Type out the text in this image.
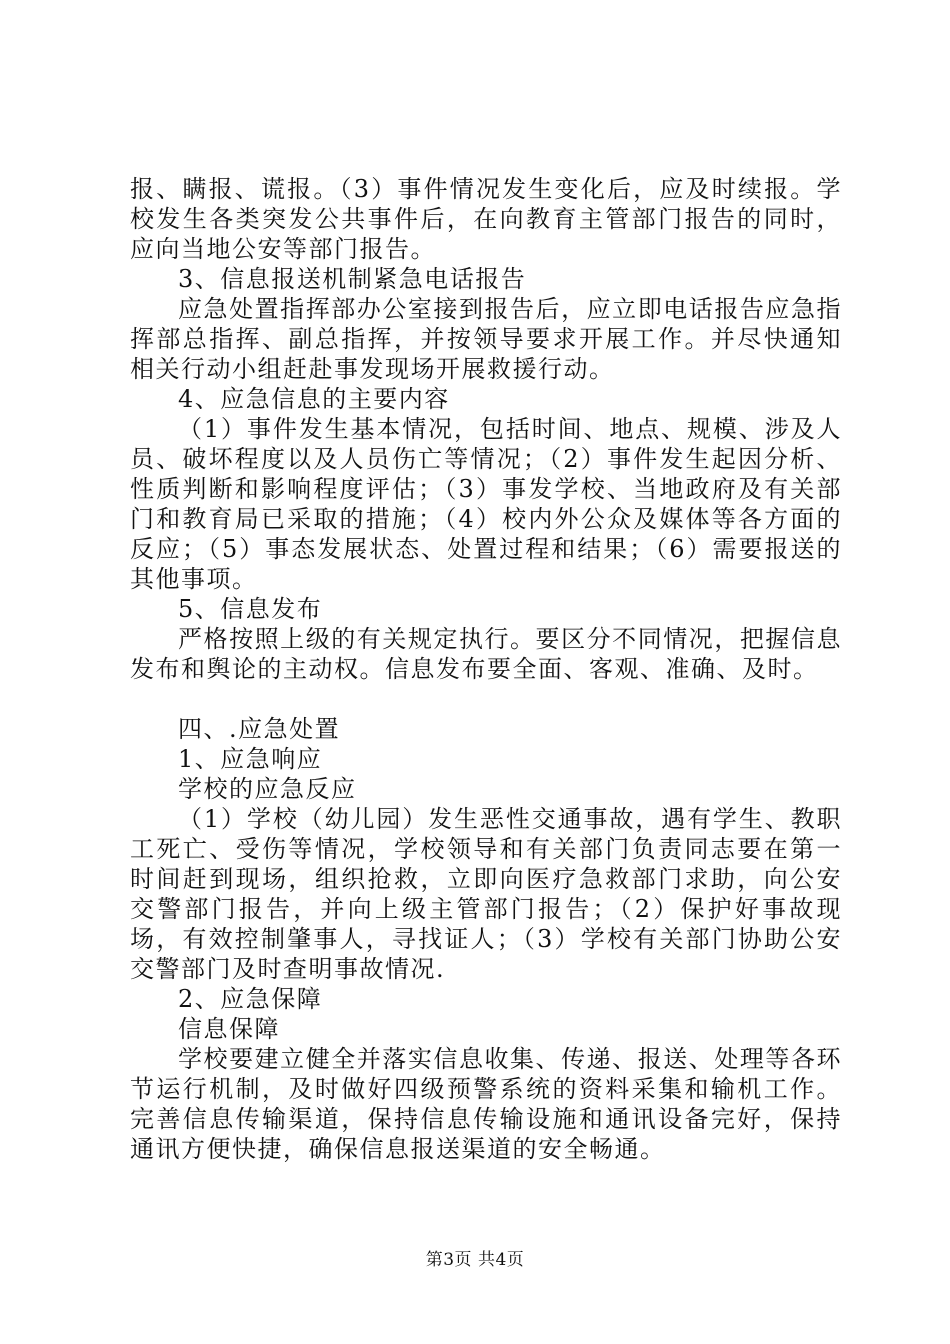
报、瞒报、谎报。（3）事件情况发生变化后，应及时续报。学校发生各类突发公共事件后，在向教育主管部门报告的同时，应向当地公安等部门报告。

3、信息报送机制紧急电话报告

应急处置指挥部办公室接到报告后，应立即电话报告应急指挥部总指挥、副总指挥，并按领导要求开展工作。并尽快通知相关行动小组赶赴事发现场开展救援行动。

4、应急信息的主要内容

（1）事件发生基本情况，包括时间、地点、规模、涉及人员、破坏程度以及人员伤亡等情况；（2）事件发生起因分析、性质判断和影响程度评估；（3）事发学校、当地政府及有关部门和教育局已采取的措施；（4）校内外公众及媒体等各方面的反应；（5）事态发展状态、处置过程和结果；（6）需要报送的其他事项。

5、信息发布

严格按照上级的有关规定执行。要区分不同情况，把握信息发布和舆论的主动权。信息发布要全面、客观、准确、及时。

四、.应急处置

1、应急响应

学校的应急反应

（1）学校（幼儿园）发生恶性交通事故，遇有学生、教职工死亡、受伤等情况，学校领导和有关部门负责同志要在第一时间赶到现场，组织抢救，立即向医疗急救部门求助，向公安交警部门报告，并向上级主管部门报告；（2）保护好事故现场，有效控制肇事人，寻找证人；（3）学校有关部门协助公安交警部门及时查明事故情况.

2、应急保障

信息保障

学校要建立健全并落实信息收集、传递、报送、处理等各环节运行机制，及时做好四级预警系统的资料采集和输机工作。完善信息传输渠道，保持信息传输设施和通讯设备完好，保持通讯方便快捷，确保信息报送渠道的安全畅通。

第3页 共4页
